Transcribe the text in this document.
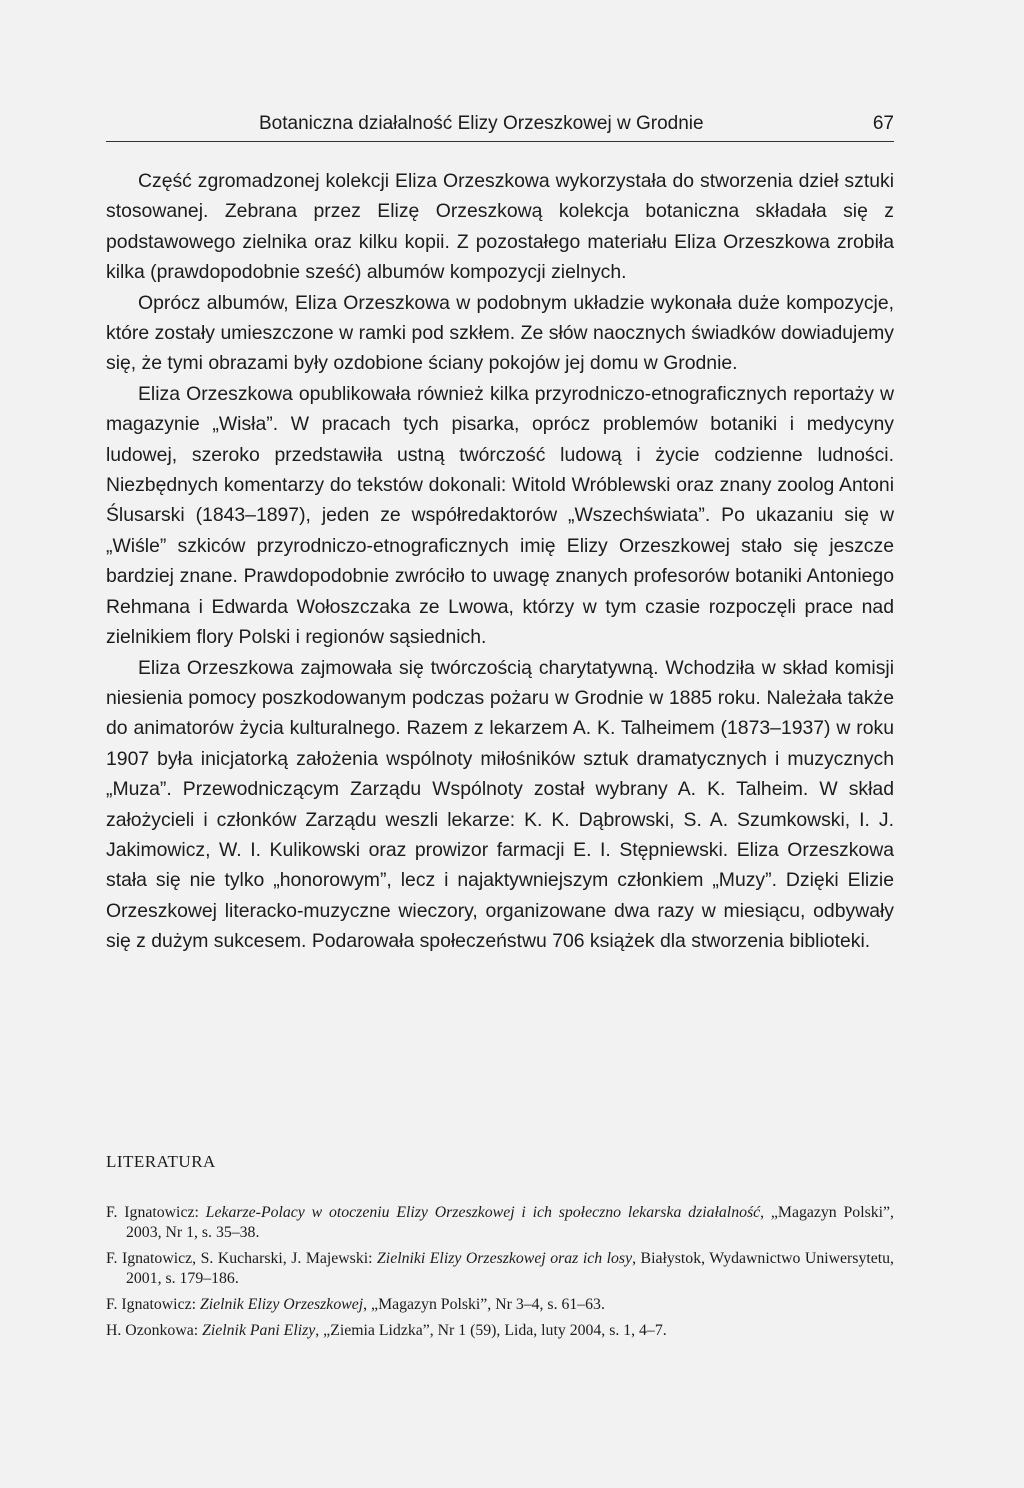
Botaniczna działalność Elizy Orzeszkowej w Grodnie	67

Część zgromadzonej kolekcji Eliza Orzeszkowa wykorzystała do stworzenia dzieł sztuki stosowanej. Zebrana przez Elizę Orzeszkową kolekcja botaniczna składała się z podstawowego zielnika oraz kilku kopii. Z pozostałego materiału Eliza Orzeszkowa zrobiła kilka (prawdopodobnie sześć) albumów kompozycji zielnych.

Oprócz albumów, Eliza Orzeszkowa w podobnym układzie wykonała duże kompozycje, które zostały umieszczone w ramki pod szkłem. Ze słów naocznych świadków dowiadujemy się, że tymi obrazami były ozdobione ściany pokojów jej domu w Grodnie.

Eliza Orzeszkowa opublikowała również kilka przyrodniczo-etnograficznych reportaży w magazynie „Wisła”. W pracach tych pisarka, oprócz problemów botaniki i medycyny ludowej, szeroko przedstawiła ustną twórczość ludową i życie codzienne ludności. Niezbędnych komentarzy do tekstów dokonali: Witold Wróblewski oraz znany zoolog Antoni Ślusarski (1843–1897), jeden ze współredaktorów „Wszechświata”. Po ukazaniu się w „Wiśle” szkiców przyrodniczo-etnograficznych imię Elizy Orzeszkowej stało się jeszcze bardziej znane. Prawdopodobnie zwróciło to uwagę znanych profesorów botaniki Antoniego Rehmana i Edwarda Wołoszczaka ze Lwowa, którzy w tym czasie rozpoczęli prace nad zielnikiem flory Polski i regionów sąsiednich.

Eliza Orzeszkowa zajmowała się twórczością charytatywną. Wchodziła w skład komisji niesienia pomocy poszkodowanym podczas pożaru w Grodnie w 1885 roku. Należała także do animatorów życia kulturalnego. Razem z lekarzem A. K. Talheimem (1873–1937) w roku 1907 była inicjatorką założenia wspólnoty miłośników sztuk dramatycznych i muzycznych „Muza”. Przewodniczącym Zarządu Wspólnoty został wybrany A. K. Talheim. W skład założycieli i członków Zarządu weszli lekarze: K. K. Dąbrowski, S. A. Szumkowski, I. J. Jakimowicz, W. I. Kulikowski oraz prowizor farmacji E. I. Stępniewski. Eliza Orzeszkowa stała się nie tylko „honorowym”, lecz i najaktywniejszym członkiem „Muzy”. Dzięki Elizie Orzeszkowej literacko-muzyczne wieczory, organizowane dwa razy w miesiącu, odbywały się z dużym sukcesem. Podarowała społeczeństwu 706 książek dla stworzenia biblioteki.

LITERATURA

F. Ignatowicz: Lekarze-Polacy w otoczeniu Elizy Orzeszkowej i ich społeczno lekarska działalność, „Magazyn Polski”, 2003, Nr 1, s. 35–38.

F. Ignatowicz, S. Kucharski, J. Majewski: Zielniki Elizy Orzeszkowej oraz ich losy, Białystok, Wydawnictwo Uniwersytetu, 2001, s. 179–186.

F. Ignatowicz: Zielnik Elizy Orzeszkowej, „Magazyn Polski”, Nr 3–4, s. 61–63.

H. Ozonkowa: Zielnik Pani Elizy, „Ziemia Lidzka”, Nr 1 (59), Lida, luty 2004, s. 1, 4–7.
